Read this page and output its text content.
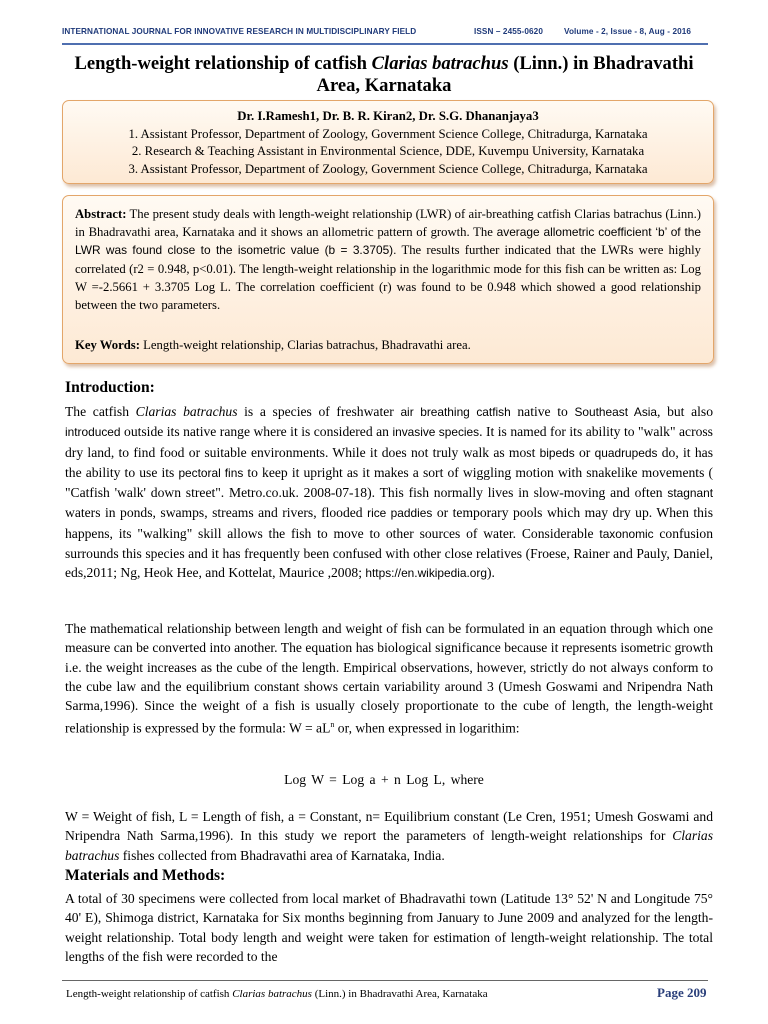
INTERNATIONAL JOURNAL FOR INNOVATIVE RESEARCH IN MULTIDISCIPLINARY FIELD	ISSN – 2455-0620	Volume - 2, Issue - 8, Aug - 2016
Length-weight relationship of catfish Clarias batrachus (Linn.) in Bhadravathi Area, Karnataka
Dr. I.Ramesh1, Dr. B. R. Kiran2, Dr. S.G. Dhananjaya3
1. Assistant Professor, Department of Zoology, Government Science College, Chitradurga, Karnataka
2. Research & Teaching Assistant in Environmental Science, DDE, Kuvempu University, Karnataka
3. Assistant Professor, Department of Zoology, Government Science College, Chitradurga, Karnataka
Abstract: The present study deals with length-weight relationship (LWR) of air-breathing catfish Clarias batrachus (Linn.) in Bhadravathi area, Karnataka and it shows an allometric pattern of growth. The average allometric coefficient ‘b’ of the LWR was found close to the isometric value (b = 3.3705). The results further indicated that the LWRs were highly correlated (r2 = 0.948, p<0.01). The length-weight relationship in the logarithmic mode for this fish can be written as: Log W =-2.5661 + 3.3705 Log L. The correlation coefficient (r) was found to be 0.948 which showed a good relationship between the two parameters.
Key Words: Length-weight relationship, Clarias batrachus, Bhadravathi area.
Introduction:
The catfish Clarias batrachus is a species of freshwater air breathing catfish native to Southeast Asia, but also introduced outside its native range where it is considered an invasive species. It is named for its ability to "walk" across dry land, to find food or suitable environments. While it does not truly walk as most bipeds or quadrupeds do, it has the ability to use its pectoral fins to keep it upright as it makes a sort of wiggling motion with snakelike movements ( "Catfish 'walk' down street". Metro.co.uk. 2008-07-18). This fish normally lives in slow-moving and often stagnant waters in ponds, swamps, streams and rivers, flooded rice paddies or temporary pools which may dry up. When this happens, its "walking" skill allows the fish to move to other sources of water. Considerable taxonomic confusion surrounds this species and it has frequently been confused with other close relatives (Froese, Rainer and Pauly, Daniel, eds,2011; Ng, Heok Hee, and Kottelat, Maurice ,2008; https://en.wikipedia.org).
The mathematical relationship between length and weight of fish can be formulated in an equation through which one measure can be converted into another. The equation has biological significance because it represents isometric growth i.e. the weight increases as the cube of the length. Empirical observations, however, strictly do not always conform to the cube law and the equilibrium constant shows certain variability around 3 (Umesh Goswami and Nripendra Nath Sarma,1996). Since the weight of a fish is usually closely proportionate to the cube of length, the length-weight relationship is expressed by the formula: $W = aL^n$ or, when expressed in logarithim:
Log W = Log a + n Log L, where
W = Weight of fish, L = Length of fish, a = Constant, n= Equilibrium constant (Le Cren, 1951; Umesh Goswami and Nripendra Nath Sarma,1996). In this study we report the parameters of length-weight relationships for Clarias batrachus fishes collected from Bhadravathi area of Karnataka, India.
Materials and Methods:
A total of 30 specimens were collected from local market of Bhadravathi town (Latitude 13° 52' N and Longitude 75° 40' E), Shimoga district, Karnataka for Six months beginning from January to June 2009 and analyzed for the length-weight relationship. Total body length and weight were taken for estimation of length-weight relationship. The total lengths of the fish were recorded to the
Length-weight relationship of catfish Clarias batrachus (Linn.) in Bhadravathi Area, Karnataka	Page 209
